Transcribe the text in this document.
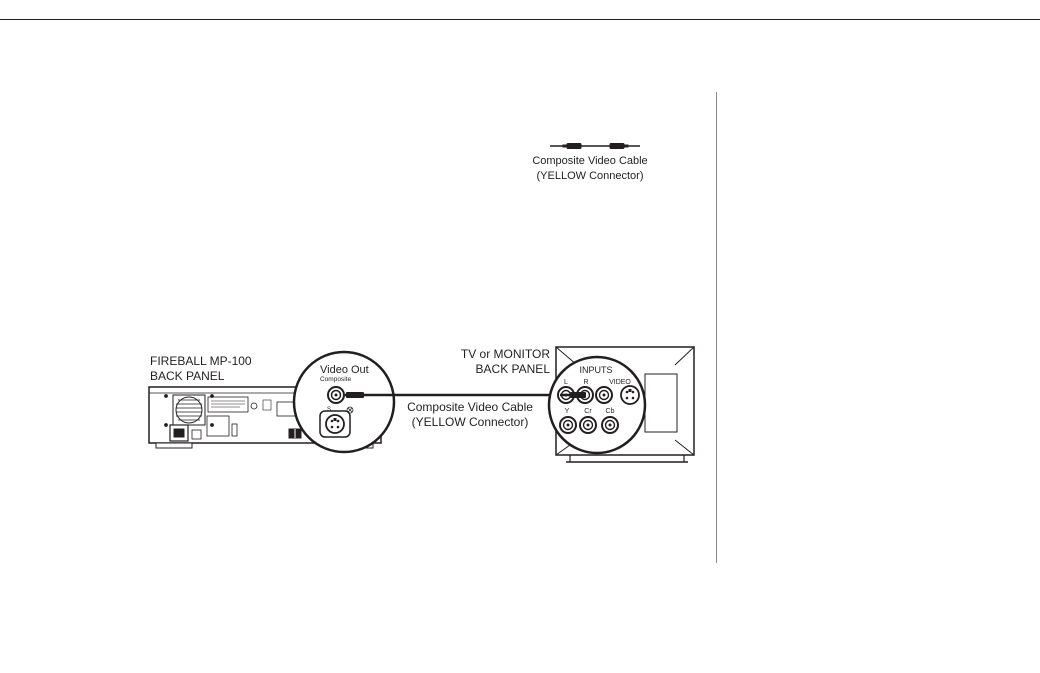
S
Composite
INPUTS
L R	VIDEO
Y Cr Cb
Composite Video Cable
(YELLOW Connector)
FIREBALL MP-100
BACK PANEL	Video Out
TV or MONITOR
BACK PANEL
Composite Video Cable
(YELLOW Connector)
